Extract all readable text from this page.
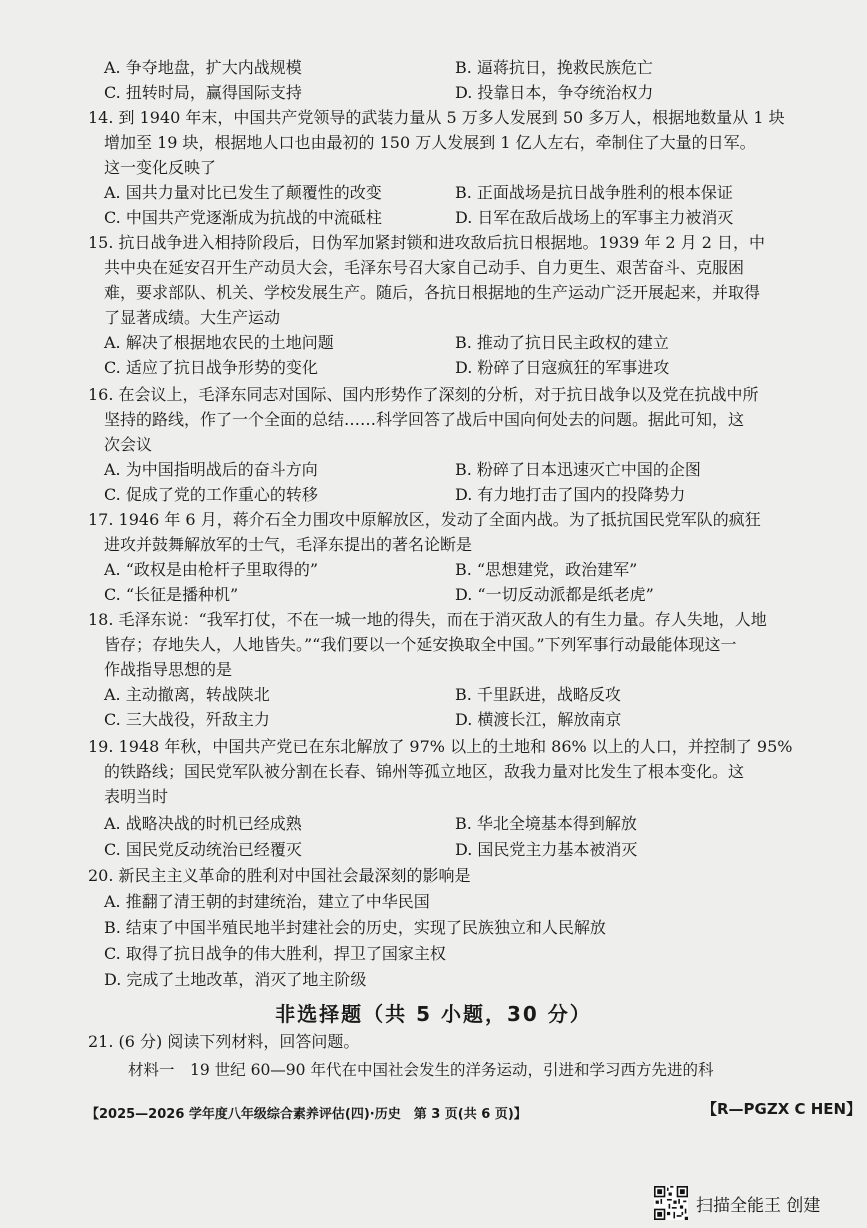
A. 争夺地盘，扩大内战规模	B. 逼蒋抗日，挽救民族危亡
C. 扭转时局，赢得国际支持	D. 投靠日本，争夺统治权力
14. 到 1940 年末，中国共产党领导的武装力量从 5 万多人发展到 50 多万人，根据地数量从 1 块
增加至 19 块，根据地人口也由最初的 150 万人发展到 1 亿人左右，牵制住了大量的日军。
这一变化反映了
A. 国共力量对比已发生了颠覆性的改变	B. 正面战场是抗日战争胜利的根本保证
C. 中国共产党逐渐成为抗战的中流砥柱	D. 日军在敌后战场上的军事主力被消灭
15. 抗日战争进入相持阶段后，日伪军加紧封锁和进攻敌后抗日根据地。1939 年 2 月 2 日，中
共中央在延安召开生产动员大会，毛泽东号召大家自己动手、自力更生、艰苦奋斗、克服困
难，要求部队、机关、学校发展生产。随后，各抗日根据地的生产运动广泛开展起来，并取得
了显著成绩。大生产运动
A. 解决了根据地农民的土地问题	B. 推动了抗日民主政权的建立
C. 适应了抗日战争形势的变化	D. 粉碎了日寇疯狂的军事进攻
16. 在会议上，毛泽东同志对国际、国内形势作了深刻的分析，对于抗日战争以及党在抗战中所
坚持的路线，作了一个全面的总结……科学回答了战后中国向何处去的问题。据此可知，这
次会议
A. 为中国指明战后的奋斗方向	B. 粉碎了日本迅速灭亡中国的企图
C. 促成了党的工作重心的转移	D. 有力地打击了国内的投降势力
17. 1946 年 6 月，蒋介石全力围攻中原解放区，发动了全面内战。为了抵抗国民党军队的疯狂
进攻并鼓舞解放军的士气，毛泽东提出的著名论断是
A. “政权是由枪杆子里取得的”	B. “思想建党，政治建军”
C. “长征是播种机”	D. “一切反动派都是纸老虎”
18. 毛泽东说：“我军打仗，不在一城一地的得失，而在于消灭敌人的有生力量。存人失地，人地
皆存；存地失人，人地皆失。”“我们要以一个延安换取全中国。”下列军事行动最能体现这一
作战指导思想的是
A. 主动撤离，转战陕北	B. 千里跃进，战略反攻
C. 三大战役，歼敌主力	D. 横渡长江，解放南京
19. 1948 年秋，中国共产党已在东北解放了 97% 以上的土地和 86% 以上的人口，并控制了 95%
的铁路线；国民党军队被分割在长春、锦州等孤立地区，敌我力量对比发生了根本变化。这
表明当时
A. 战略决战的时机已经成熟	B. 华北全境基本得到解放
C. 国民党反动统治已经覆灭	D. 国民党主力基本被消灭
20. 新民主主义革命的胜利对中国社会最深刻的影响是
A. 推翻了清王朝的封建统治，建立了中华民国
B. 结束了中国半殖民地半封建社会的历史，实现了民族独立和人民解放
C. 取得了抗日战争的伟大胜利，捍卫了国家主权
D. 完成了土地改革，消灭了地主阶级
非选择题（共 5 小题，30 分）
21. (6 分) 阅读下列材料，回答问题。
材料一　19 世纪 60—90 年代在中国社会发生的洋务运动，引进和学习西方先进的科
【2025—2026 学年度八年级综合素养评估(四)·历史　第 3 页(共 6 页)】	【R—PGZX C HEN】
扫描全能王 创建
